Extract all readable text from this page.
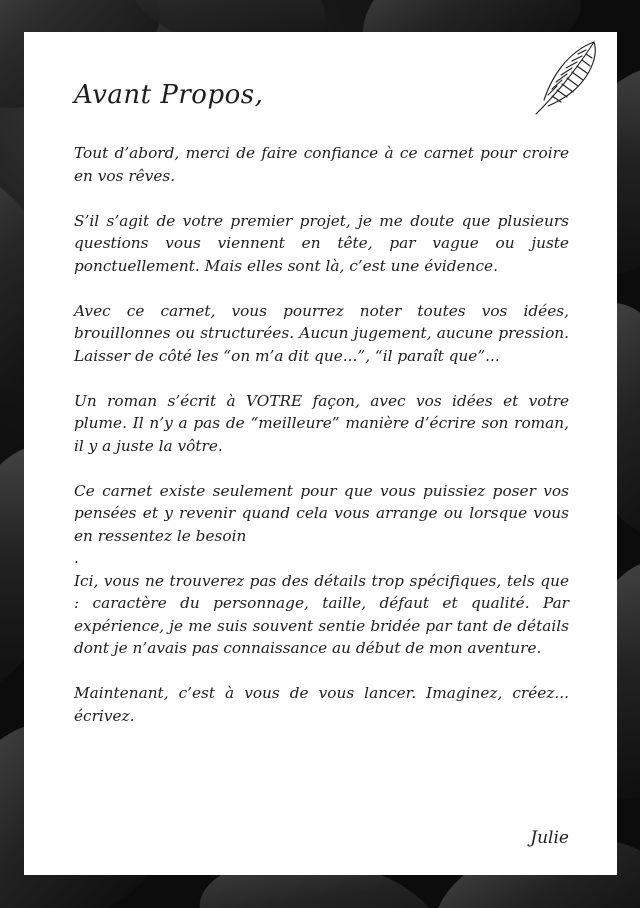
Avant Propos,

Tout d’abord, merci de faire confiance à ce carnet pour croire en vos rêves.

S’il s’agit de votre premier projet, je me doute que plusieurs questions vous viennent en tête, par vague ou juste ponctuellement. Mais elles sont là, c’est une évidence.

Avec ce carnet, vous pourrez noter toutes vos idées, brouillonnes ou structurées. Aucun jugement, aucune pression. Laisser de côté les “on m’a dit que...”, “il paraît que”...

Un roman s’écrit à VOTRE façon, avec vos idées et votre plume. Il n’y a pas de “meilleure” manière d’écrire son roman, il y a juste la vôtre.

Ce carnet existe seulement pour que vous puissiez poser vos pensées et y revenir quand cela vous arrange ou lorsque vous en ressentez le besoin

.

Ici, vous ne trouverez pas des détails trop spécifiques, tels que : caractère du personnage, taille, défaut et qualité. Par expérience, je me suis souvent sentie bridée par tant de détails dont je n’avais pas connaissance au début de mon aventure.

Maintenant, c’est à vous de vous lancer. Imaginez, créez... écrivez.

Julie
